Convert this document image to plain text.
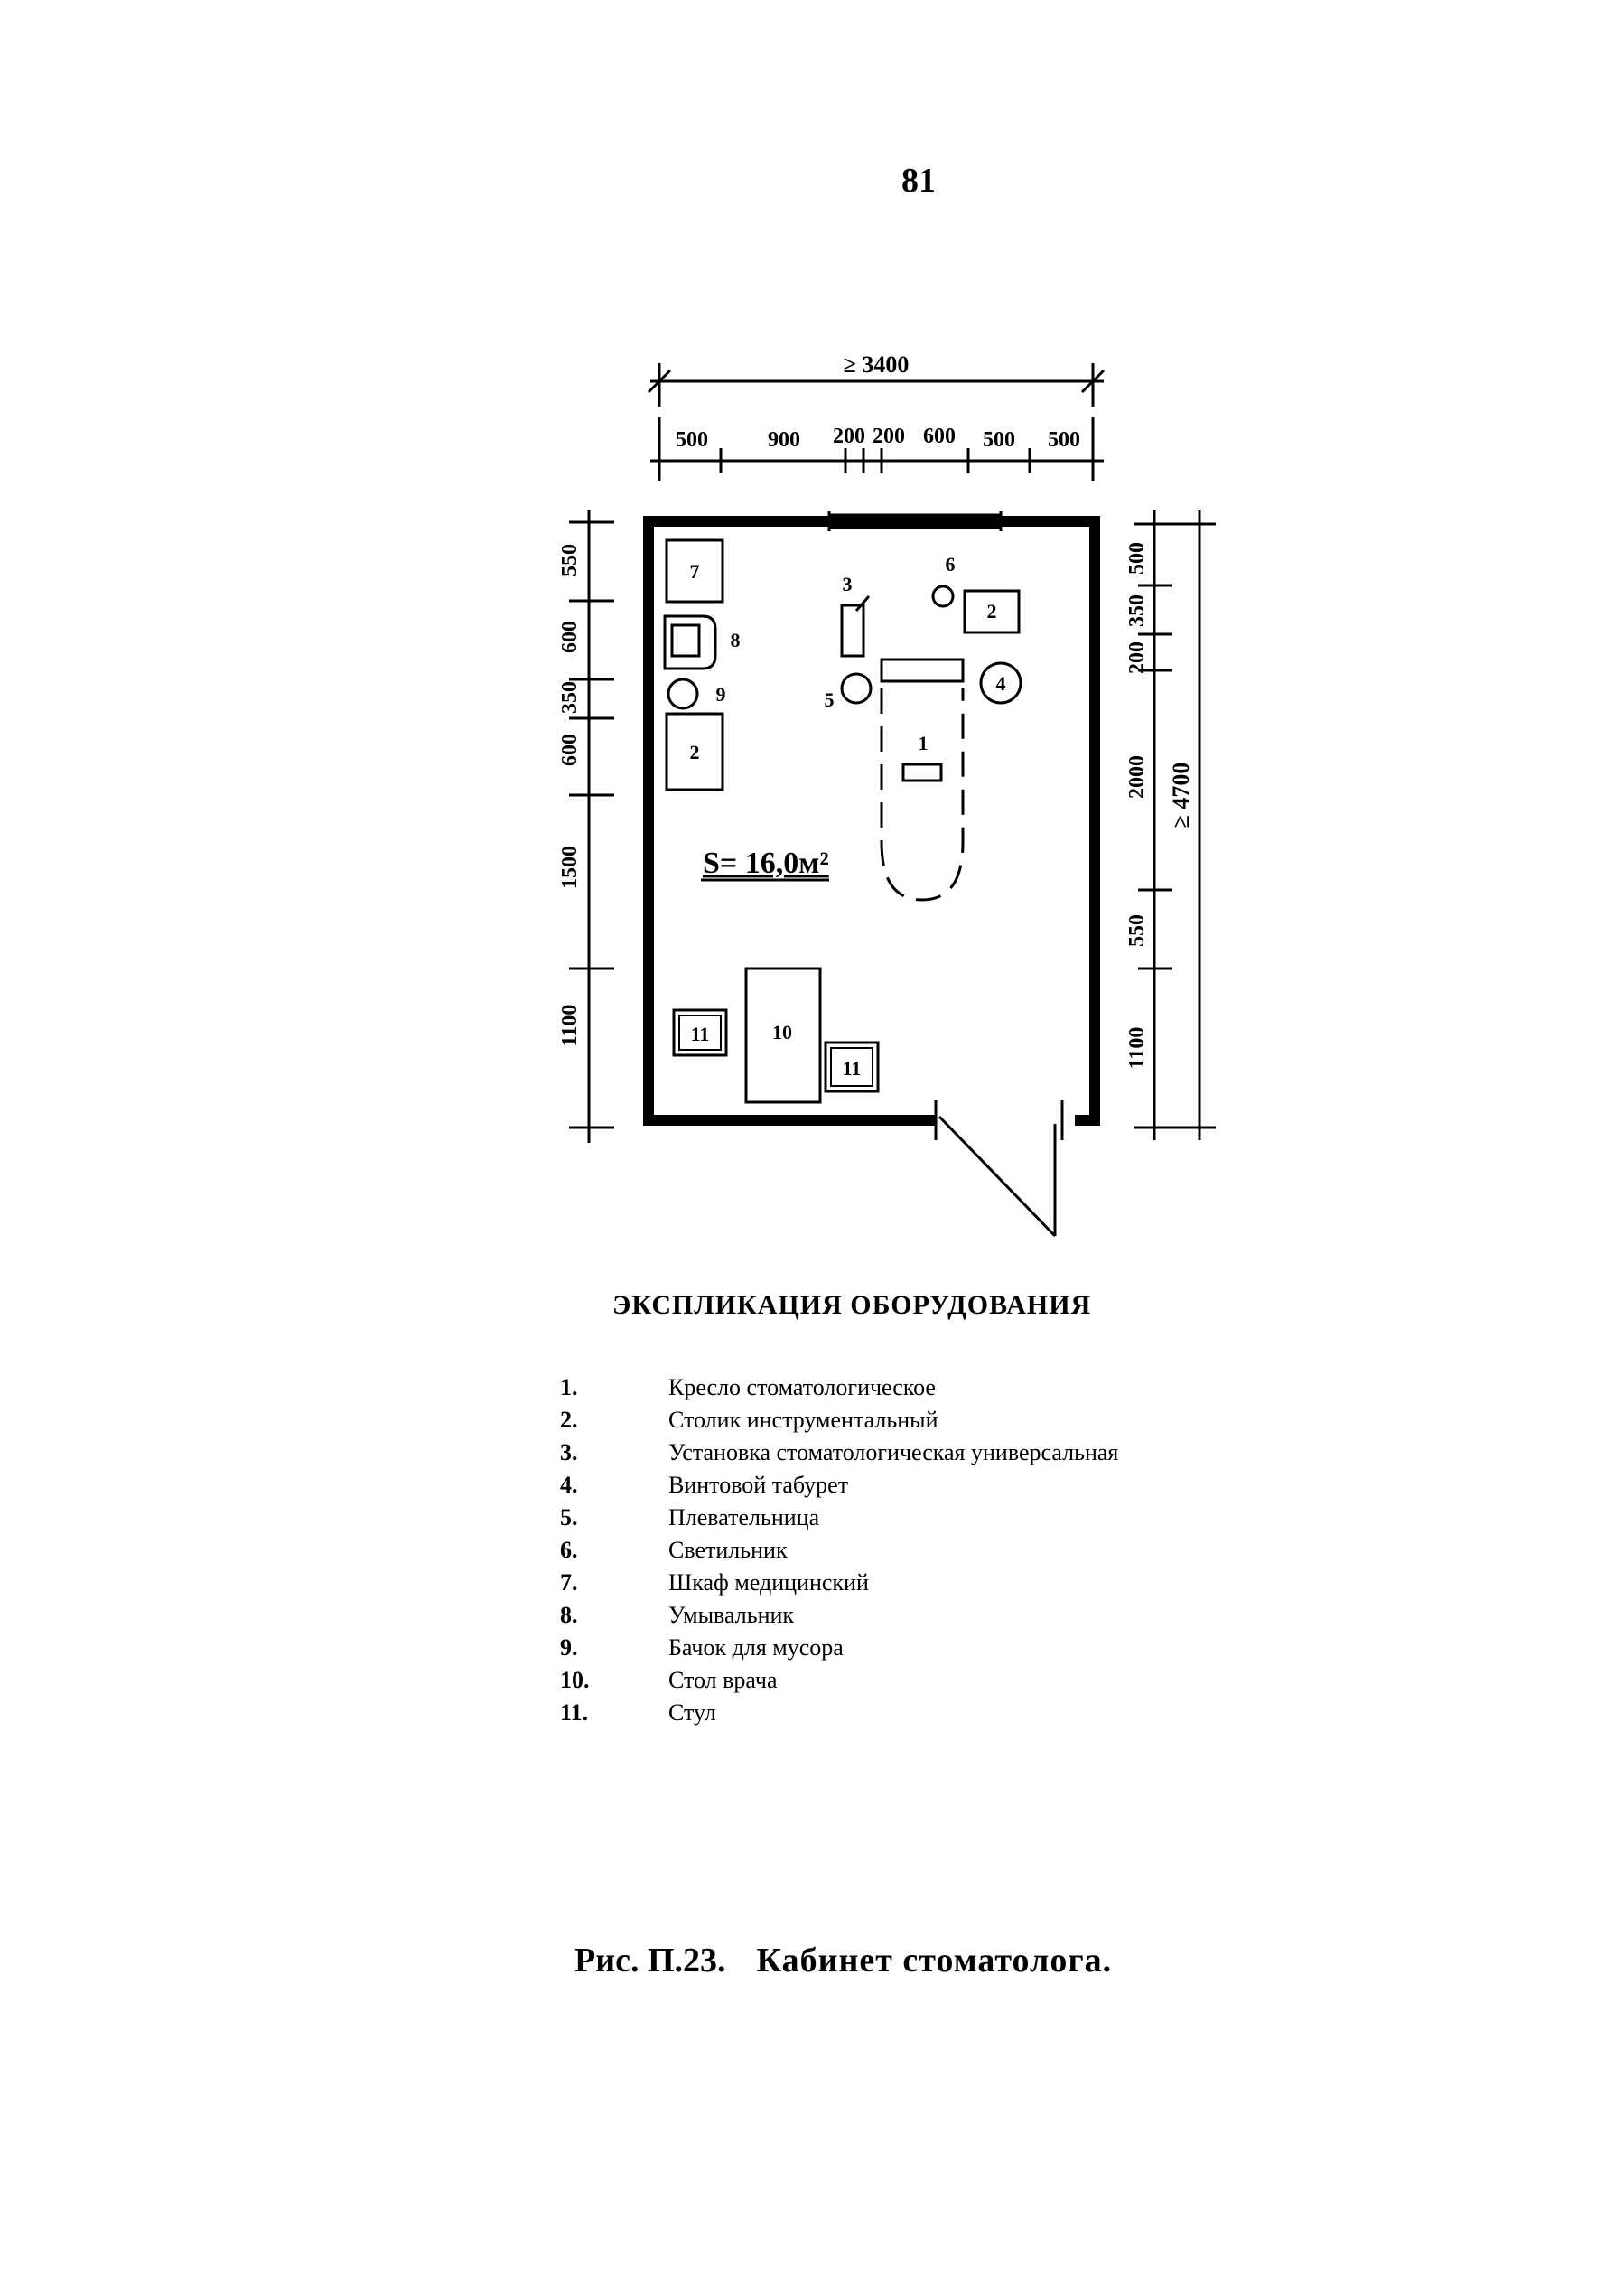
81
≥ 3400
500	900 200 200 600 500 500
550
600
350
600
1500
1100
500
350
200
2000
550
1100
≥ 4700
7
8
9
2
2
6
3
5
4
1
11	10
11
S= 16,0м²
ЭКСПЛИКАЦИЯ ОБОРУДОВАНИЯ
1.	Кресло стоматологическое
2.	Столик инструментальный
3.	Установка стоматологическая универсальная
4.	Винтовой табурет
5.	Плевательница
6.	Светильник
7.	Шкаф медицинский
8.	Умывальник
9.	Бачок для мусора
10.	Стол врача
11.	Стул
Рис. П.23. Кабинет стоматолога.
